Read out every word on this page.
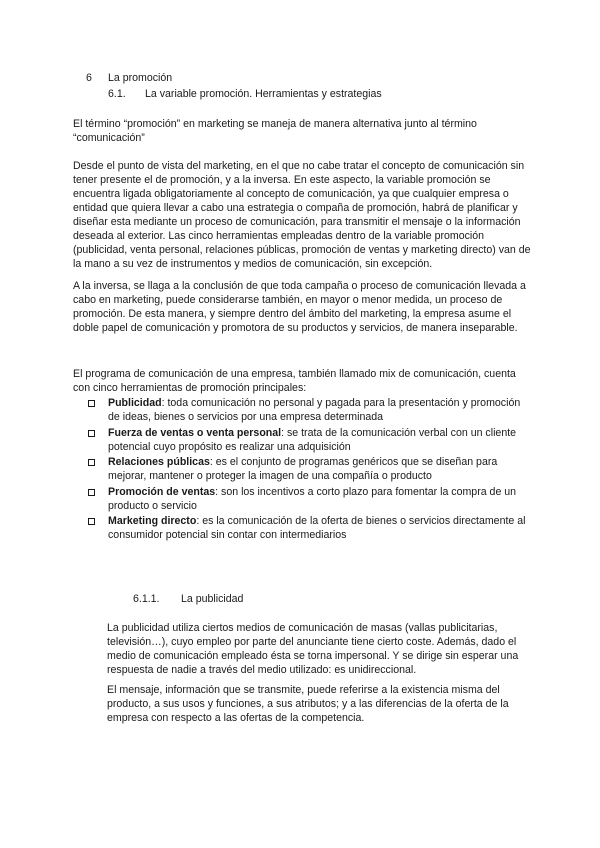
6 La promoción
6.1. La variable promoción. Herramientas y estrategias

El término “promoción” en marketing se maneja de manera alternativa junto al término “comunicación”

Desde el punto de vista del marketing, en el que no cabe tratar el concepto de comunicación sin tener presente el de promoción, y a la inversa. En este aspecto, la variable promoción se encuentra ligada obligatoriamente al concepto de comunicación, ya que cualquier empresa o entidad que quiera llevar a cabo una estrategia o compaña de promoción, habrá de planificar y diseñar esta mediante un proceso de comunicación, para transmitir el mensaje o la información deseada al exterior. Las cinco herramientas empleadas dentro de la variable promoción (publicidad, venta personal, relaciones públicas, promoción de ventas y marketing directo) van de la mano a su vez de instrumentos y medios de comunicación, sin excepción.

A la inversa, se llaga a la conclusión de que toda campaña o proceso de comunicación llevada a cabo en marketing, puede considerarse también, en mayor o menor medida, un proceso de promoción. De esta manera, y siempre dentro del ámbito del marketing, la empresa asume el doble papel de comunicación y promotora de su productos y servicios, de manera inseparable.

El programa de comunicación de una empresa, también llamado mix de comunicación, cuenta con cinco herramientas de promoción principales:

Publicidad: toda comunicación no personal y pagada para la presentación y promoción de ideas, bienes o servicios por una empresa determinada
Fuerza de ventas o venta personal: se trata de la comunicación verbal con un cliente potencial cuyo propósito es realizar una adquisición
Relaciones públicas: es el conjunto de programas genéricos que se diseñan para mejorar, mantener o proteger la imagen de una compañía o producto
Promoción de ventas: son los incentivos a corto plazo para fomentar la compra de un producto o servicio
Marketing directo: es la comunicación de la oferta de bienes o servicios directamente al consumidor potencial sin contar con intermediarios
6.1.1. La publicidad

La publicidad utiliza ciertos medios de comunicación de masas (vallas publicitarias, televisión…), cuyo empleo por parte del anunciante tiene cierto coste. Además, dado el medio de comunicación empleado ésta se torna impersonal. Y se dirige sin esperar una respuesta de nadie a través del medio utilizado: es unidireccional.

El mensaje, información que se transmite, puede referirse a la existencia misma del producto, a sus usos y funciones, a sus atributos; y a las diferencias de la oferta de la empresa con respecto a las ofertas de la competencia.
